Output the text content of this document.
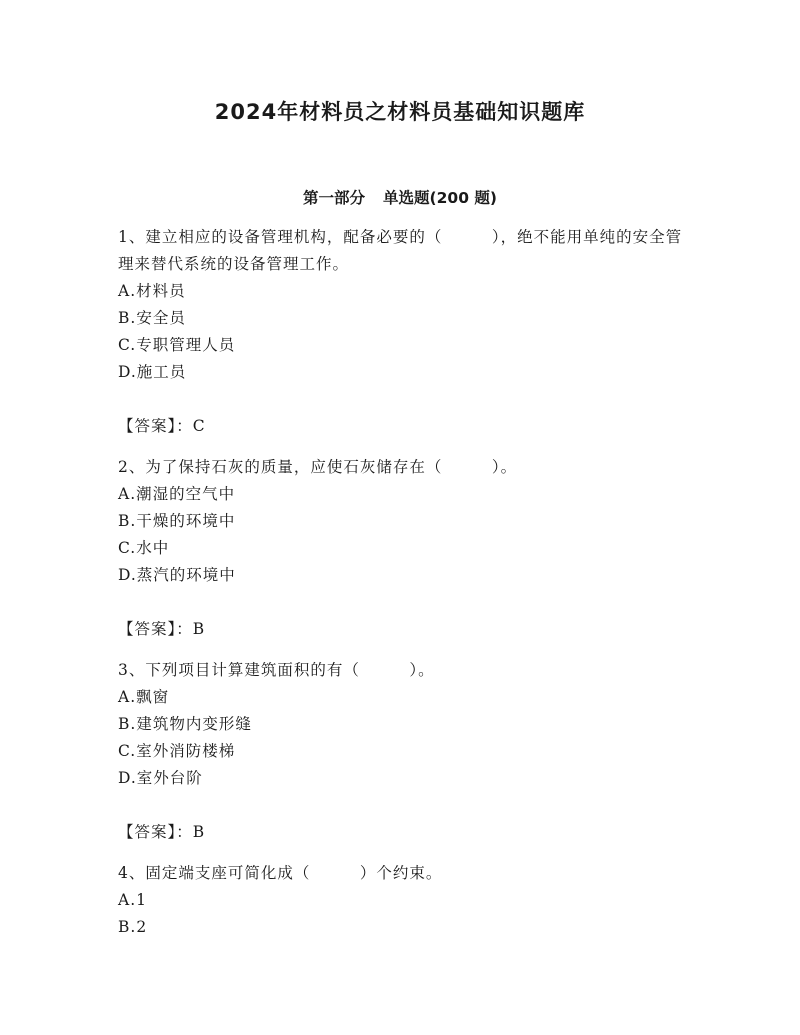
2024年材料员之材料员基础知识题库
第一部分 单选题(200 题)

1、建立相应的设备管理机构，配备必要的（　　　），绝不能用单纯的安全管理来替代系统的设备管理工作。

A.材料员

B.安全员

C.专职管理人员

D.施工员

【答案】：C

2、为了保持石灰的质量，应使石灰储存在（　　　）。

A.潮湿的空气中

B.干燥的环境中

C.水中

D.蒸汽的环境中

【答案】：B

3、下列项目计算建筑面积的有（　　　）。

A.飘窗

B.建筑物内变形缝

C.室外消防楼梯

D.室外台阶

【答案】：B

4、固定端支座可简化成（　　　）个约束。

A.1

B.2
